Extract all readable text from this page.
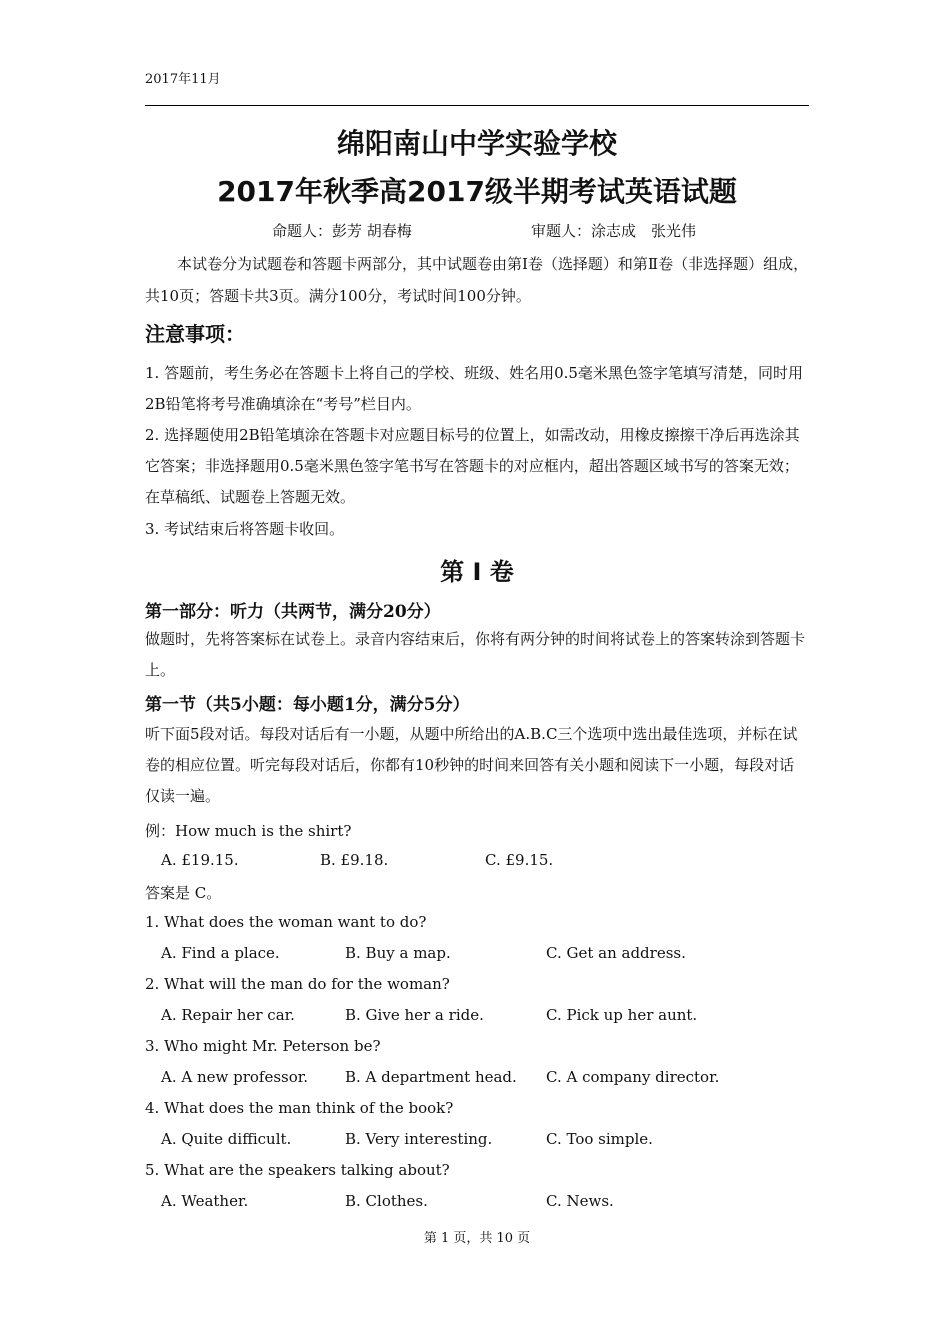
2017年11月
绵阳南山中学实验学校
2017年秋季高2017级半期考试英语试题
命题人：彭芳 胡春梅	审题人：涂志成　张光伟
本试卷分为试题卷和答题卡两部分，其中试题卷由第Ⅰ卷（选择题）和第Ⅱ卷（非选择题）组成，共10页；答题卡共3页。满分100分，考试时间100分钟。
注意事项：
1. 答题前，考生务必在答题卡上将自己的学校、班级、姓名用0.5毫米黑色签字笔填写清楚，同时用2B铅笔将考号准确填涂在“考号”栏目内。
2. 选择题使用2B铅笔填涂在答题卡对应题目标号的位置上，如需改动，用橡皮擦擦干净后再选涂其它答案；非选择题用0.5毫米黑色签字笔书写在答题卡的对应框内，超出答题区域书写的答案无效；在草稿纸、试题卷上答题无效。
3. 考试结束后将答题卡收回。
第 I 卷
第一部分：听力（共两节，满分20分）
做题时，先将答案标在试卷上。录音内容结束后，你将有两分钟的时间将试卷上的答案转涂到答题卡上。
第一节（共5小题：每小题1分，满分5分）
听下面5段对话。每段对话后有一小题，从题中所给出的A.B.C三个选项中选出最佳选项，并标在试卷的相应位置。听完每段对话后，你都有10秒钟的时间来回答有关小题和阅读下一小题，每段对话仅读一遍。
例：How much is the shirt?
A. £19.15.	B. £9.18.	C. £9.15.
答案是 C。
1. What does the woman want to do?
A. Find a place.	B. Buy a map.	C. Get an address.
2. What will the man do for the woman?
A. Repair her car.	B. Give her a ride.	C. Pick up her aunt.
3. Who might Mr. Peterson be?
A. A new professor. B. A department head. C. A company director.
4. What does the man think of the book?
A. Quite difficult.	B. Very interesting.	C. Too simple.
5. What are the speakers talking about?
A. Weather.	B. Clothes.	C. News.
第 1 页，共 10 页
